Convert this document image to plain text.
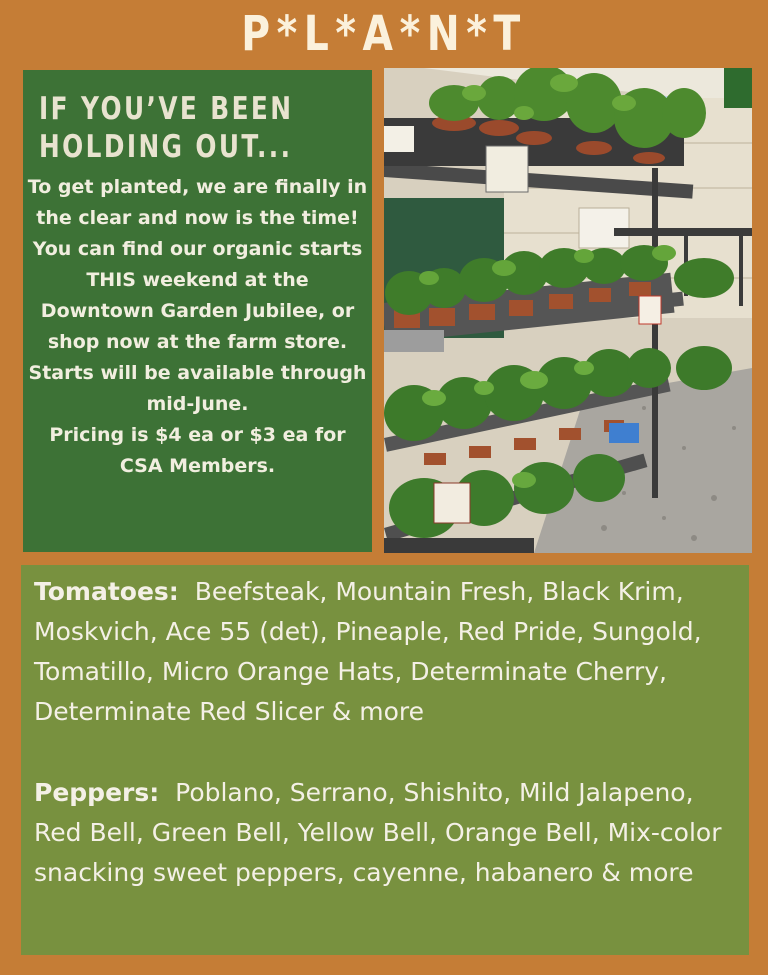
P*L*A*N*T
IF YOU’VE BEEN
HOLDING OUT...
To get planted, we are finally in the clear and now is the time!
You can find our organic starts THIS weekend at the Downtown Garden Jubilee, or shop now at the farm store.
Starts will be available through mid-June.
Pricing is $4 ea or $3 ea for CSA Members.

Tomatoes: Beefsteak, Mountain Fresh, Black Krim, Moskvich, Ace 55 (det), Pineaple, Red Pride, Sungold, Tomatillo, Micro Orange Hats, Determinate Cherry, Determinate Red Slicer & more

Peppers: Poblano, Serrano, Shishito, Mild Jalapeno, Red Bell, Green Bell, Yellow Bell, Orange Bell, Mix-color snacking sweet peppers, cayenne, habanero & more
